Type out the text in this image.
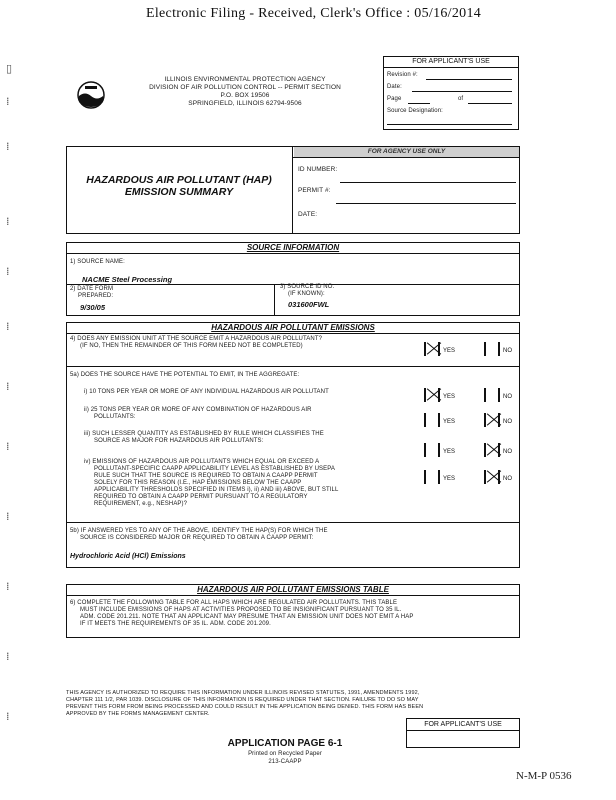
Electronic Filing - Received, Clerk's Office : 05/16/2014
▯
⁞
⁞
⁞
⁞
⁞
⁞
⁞
⁞
⁞
⁞
⁞
ILLINOIS ENVIRONMENTAL PROTECTION AGENCY
DIVISION OF AIR POLLUTION CONTROL -- PERMIT SECTION
P.O. BOX 19506
SPRINGFIELD, ILLINOIS 62794-9506
FOR APPLICANT'S USE
Revision #:
Date:
Page	of
Source Designation:
HAZARDOUS AIR POLLUTANT (HAP)
EMISSION SUMMARY
FOR AGENCY USE ONLY
ID NUMBER:
PERMIT #:
DATE:
SOURCE INFORMATION
1) SOURCE NAME:
NACME Steel Processing
2) DATE FORM
PREPARED:
9/30/05
3) SOURCE ID NO.
(IF KNOWN):
031600FWL
HAZARDOUS AIR POLLUTANT EMISSIONS
4) DOES ANY EMISSION UNIT AT THE SOURCE EMIT A HAZARDOUS AIR POLLUTANT?
(IF NO, THEN THE REMAINDER OF THIS FORM NEED NOT BE COMPLETED)
YES	NO
5a) DOES THE SOURCE HAVE THE POTENTIAL TO EMIT, IN THE AGGREGATE:
i) 10 TONS PER YEAR OR MORE OF ANY INDIVIDUAL HAZARDOUS AIR POLLUTANT
YES	NO
ii) 25 TONS PER YEAR OR MORE OF ANY COMBINATION OF HAZARDOUS AIR
POLLUTANTS:
YES	NO
iii) SUCH LESSER QUANTITY AS ESTABLISHED BY RULE WHICH CLASSIFIES THE
SOURCE AS MAJOR FOR HAZARDOUS AIR POLLUTANTS:
YES	NO
iv) EMISSIONS OF HAZARDOUS AIR POLLUTANTS WHICH EQUAL OR EXCEED A
POLLUTANT-SPECIFIC CAAPP APPLICABILITY LEVEL AS ESTABLISHED BY USEPA
RULE SUCH THAT THE SOURCE IS REQUIRED TO OBTAIN A CAAPP PERMIT
SOLELY FOR THIS REASON (I.E., HAP EMISSIONS BELOW THE CAAPP
APPLICABILITY THRESHOLDS SPECIFIED IN ITEMS i), ii) AND iii) ABOVE, BUT STILL
REQUIRED TO OBTAIN A CAAPP PERMIT PURSUANT TO A REGULATORY
REQUIREMENT, e.g., NESHAP)?
YES	NO
5b) IF ANSWERED YES TO ANY OF THE ABOVE, IDENTIFY THE HAP(S) FOR WHICH THE
SOURCE IS CONSIDERED MAJOR OR REQUIRED TO OBTAIN A CAAPP PERMIT:
Hydrochloric Acid (HCl) Emissions
HAZARDOUS AIR POLLUTANT EMISSIONS TABLE
6) COMPLETE THE FOLLOWING TABLE FOR ALL HAPS WHICH ARE REGULATED AIR POLLUTANTS. THIS TABLE
MUST INCLUDE EMISSIONS OF HAPS AT ACTIVITIES PROPOSED TO BE INSIGNIFICANT PURSUANT TO 35 IL.
ADM. CODE 201.211. NOTE THAT AN APPLICANT MAY PRESUME THAT AN EMISSION UNIT DOES NOT EMIT A HAP
IF IT MEETS THE REQUIREMENTS OF 35 IL. ADM. CODE 201.209.
THIS AGENCY IS AUTHORIZED TO REQUIRE THIS INFORMATION UNDER ILLINOIS REVISED STATUTES, 1991, AMENDMENTS 1992,
CHAPTER 111 1/2, PAR 1039. DISCLOSURE OF THIS INFORMATION IS REQUIRED UNDER THAT SECTION. FAILURE TO DO SO MAY
PREVENT THIS FORM FROM BEING PROCESSED AND COULD RESULT IN THE APPLICATION BEING DENIED. THIS FORM HAS BEEN
APPROVED BY THE FORMS MANAGEMENT CENTER.
FOR APPLICANT'S USE
APPLICATION PAGE 6-1
Printed on Recycled Paper
213-CAAPP
N-M-P 0536
